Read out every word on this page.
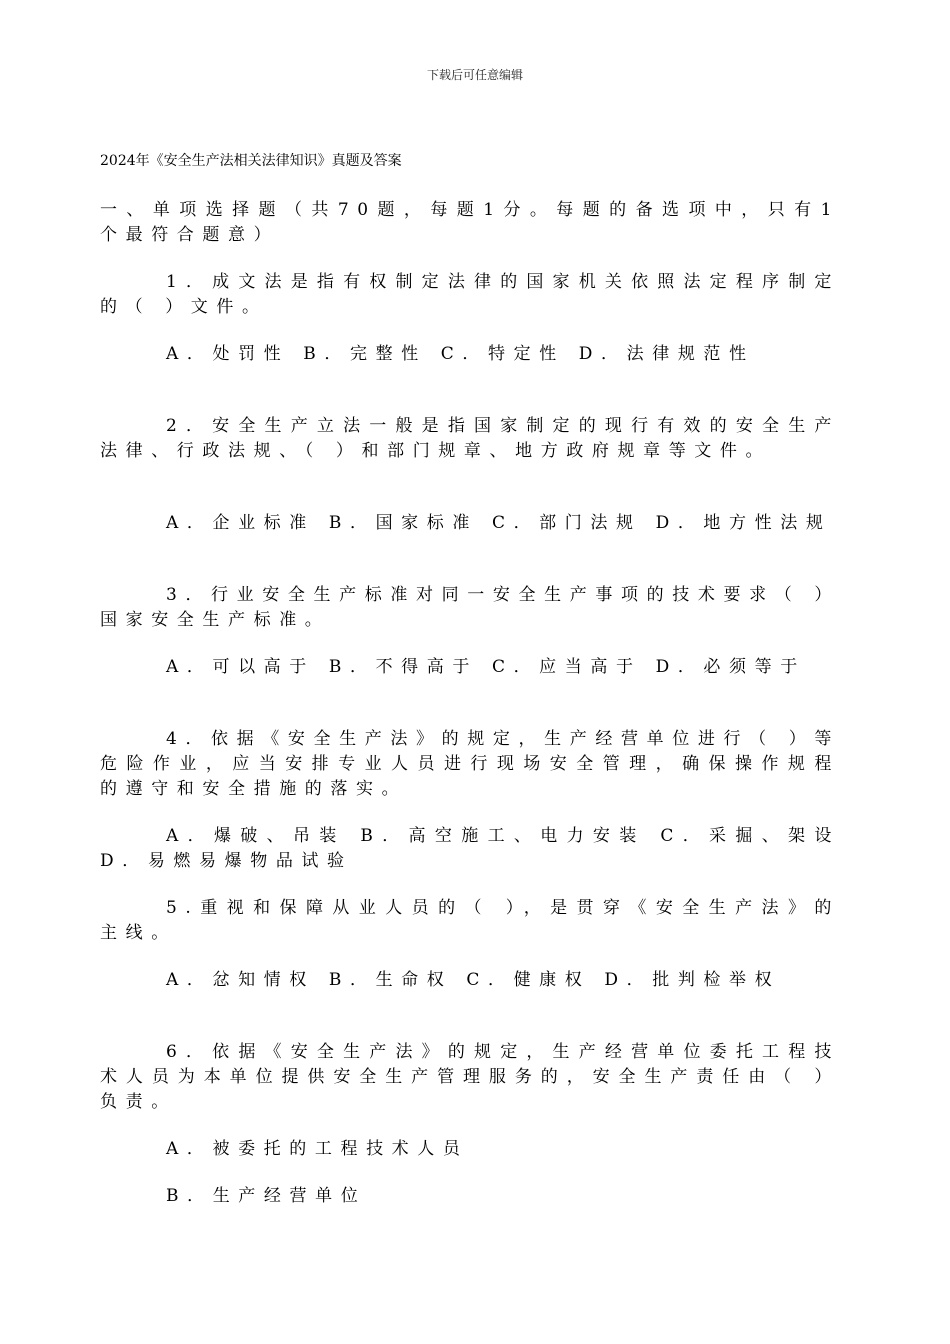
下载后可任意编辑
2024年《安全生产法相关法律知识》真题及答案
一、单项选择题（共70题，每题1分。每题的备选项中，只有1个最符合题意）
1．成文法是指有权制定法律的国家机关依照法定程序制定的（ ）文件。
A．处罚性 B．完整性 C．特定性 D．法律规范性
2．安全生产立法一般是指国家制定的现行有效的安全生产法律、行政法规、（ ）和部门规章、地方政府规章等文件。
A．企业标准 B．国家标准 C．部门法规 D．地方性法规
3．行业安全生产标准对同一安全生产事项的技术要求（ ）国家安全生产标准。
A．可以高于 B．不得高于 C．应当高于 D．必须等于
4．依据《安全生产法》的规定，生产经营单位进行（ ）等危险作业，应当安排专业人员进行现场安全管理，确保操作规程的遵守和安全措施的落实。
A．爆破、吊装 B．高空施工、电力安装 C．采掘、架设 D．易燃易爆物品试验
5.重视和保障从业人员的（ ），是贯穿《安全生产法》的主线。
A．忿知情权 B．生命权 C．健康权 D．批判检举权
6．依据《安全生产法》的规定，生产经营单位委托工程技术人员为本单位提供安全生产管理服务的，安全生产责任由（ ）负责。
A．被委托的工程技术人员
B．生产经营单位
